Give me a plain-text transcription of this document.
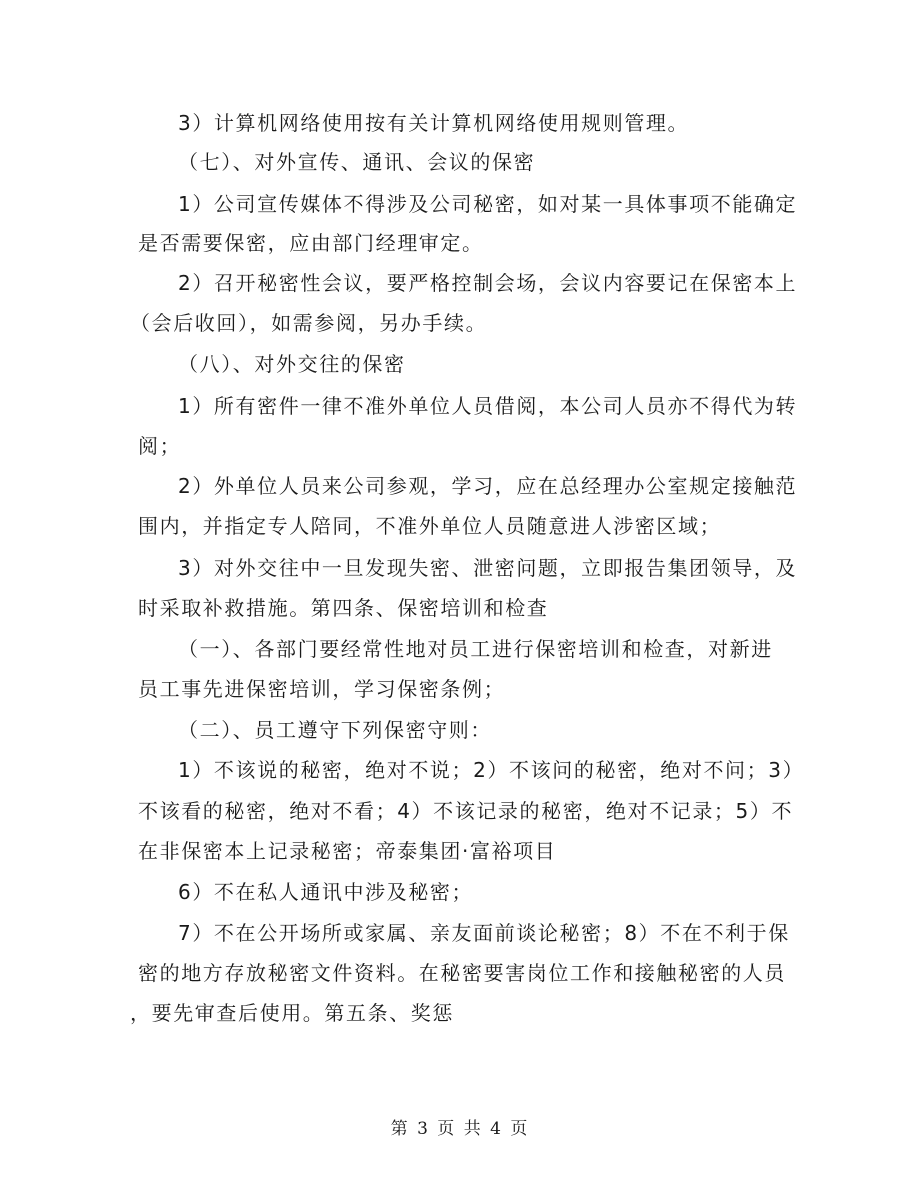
3）计算机网络使用按有关计算机网络使用规则管理。
（七）、对外宣传、通讯、会议的保密
1）公司宣传媒体不得涉及公司秘密，如对某一具体事项不能确定
是否需要保密，应由部门经理审定。
2）召开秘密性会议，要严格控制会场，会议内容要记在保密本上
（会后收回），如需参阅，另办手续。
（八）、对外交往的保密
1）所有密件一律不准外单位人员借阅，本公司人员亦不得代为转
阅；
2）外单位人员来公司参观，学习，应在总经理办公室规定接触范
围内，并指定专人陪同，不准外单位人员随意进人涉密区域；
3）对外交往中一旦发现失密、泄密问题，立即报告集团领导，及
时采取补救措施。第四条、保密培训和检查
（一）、各部门要经常性地对员工进行保密培训和检查，对新进
员工事先进保密培训，学习保密条例；
（二）、员工遵守下列保密守则：
1）不该说的秘密，绝对不说；2）不该问的秘密，绝对不问；3）
不该看的秘密，绝对不看；4）不该记录的秘密，绝对不记录；5）不
在非保密本上记录秘密；帝泰集团·富裕项目
6）不在私人通讯中涉及秘密；
7）不在公开场所或家属、亲友面前谈论秘密；8）不在不利于保
密的地方存放秘密文件资料。在秘密要害岗位工作和接触秘密的人员
，要先审查后使用。第五条、奖惩
第 3 页 共 4 页
